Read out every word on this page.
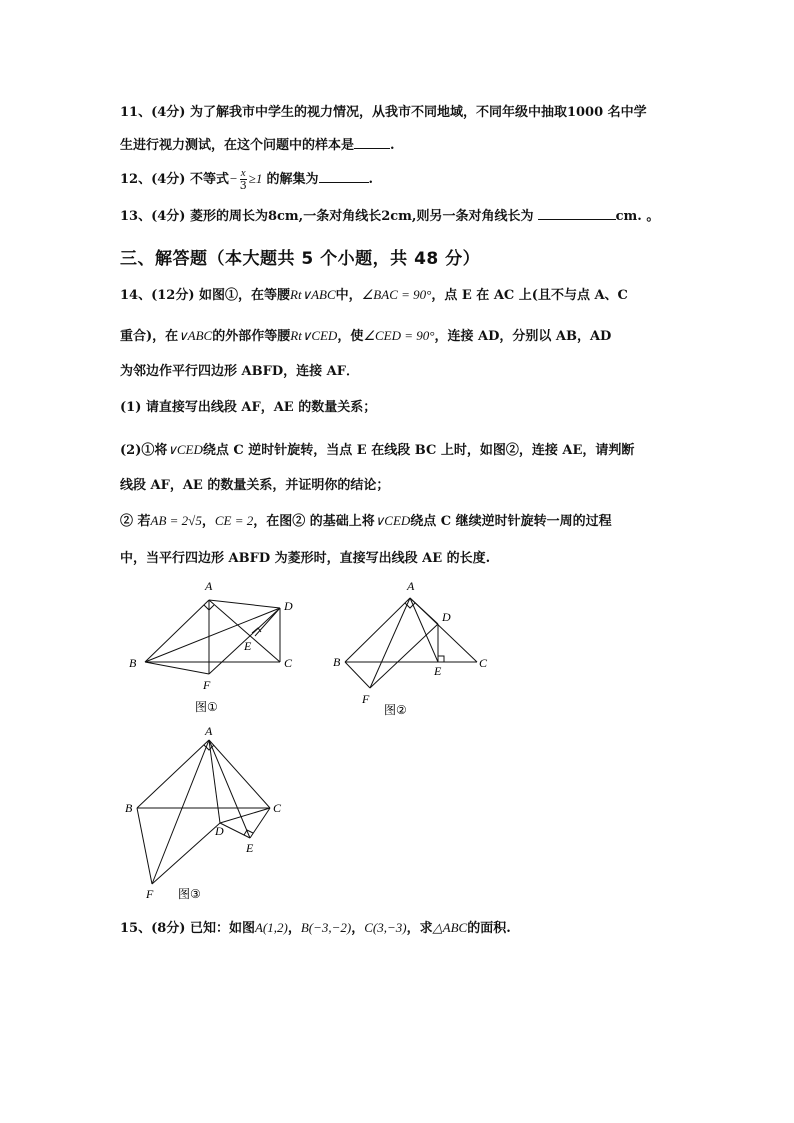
11、(4分) 为了解我市中学生的视力情况，从我市不同地域，不同年级中抽取1000 名中学
生进行视力测试，在这个问题中的样本是	.
12、(4分) 不等式− $\frac{x}{3} \ge 1$ 的解集为	.
13、(4分) 菱形的周长为8cm,一条对角线长2cm,则另一条对角线长为	cm. 。
三、解答题（本大题共 5 个小题，共 48 分）
14、(12分) 如图①，在等腰Rt∨ABC中，∠BAC = 90°，点 E 在 AC 上(且不与点 A、C
重合)，在∨ABC的外部作等腰Rt∨CED，使∠CED = 90°，连接 AD，分别以 AB，AD
为邻边作平行四边形 ABFD，连接 AF．
(1) 请直接写出线段 AF，AE 的数量关系；
(2)①将∨CED绕点 C 逆时针旋转，当点 E 在线段 BC 上时，如图②，连接 AE，请判断
线段 AF，AE 的数量关系，并证明你的结论；
② 若AB = 2√5，CE = 2，在图② 的基础上将∨CED绕点 C 继续逆时针旋转一周的过程
中，当平行四边形 ABFD 为菱形时，直接写出线段 AE 的长度.
A
D
E
B	C
F
图①
A
D
B
E
C
F
图②
A
B	C
D
E
F 图③
15、(8分) 已知：如图A(1,2)，B(−3,−2)，C(3,−3)，求△ABC的面积.
